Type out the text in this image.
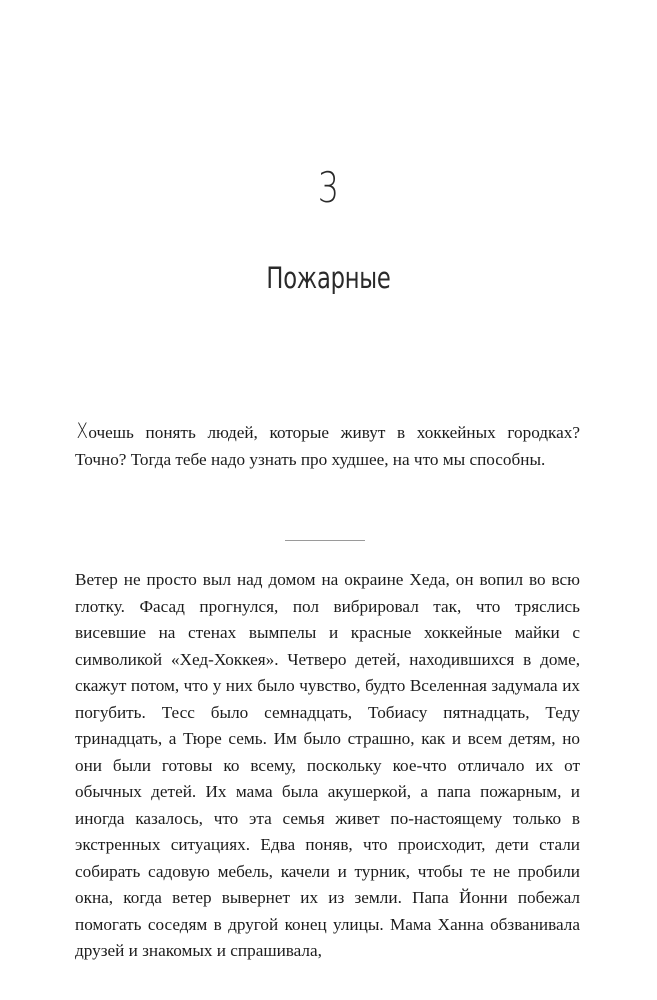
3
Пожарные

Хочешь понять людей, которые живут в хоккейных городках? Точно? Тогда тебе надо узнать про худшее, на что мы способны.

Ветер не просто выл над домом на окраине Хеда, он вопил во всю глотку. Фасад прогнулся, пол вибрировал так, что тряслись висевшие на стенах вымпелы и красные хоккейные майки с символикой «Хед-Хоккея». Четверо детей, находившихся в доме, скажут потом, что у них было чувство, будто Вселенная задумала их погубить. Тесс было семнадцать, Тобиасу пятнадцать, Теду тринадцать, а Тюре семь. Им было страшно, как и всем детям, но они были готовы ко всему, поскольку кое-что отличало их от обычных детей. Их мама была акушеркой, а папа пожарным, и иногда казалось, что эта семья живет по-настоящему только в экстренных ситуациях. Едва поняв, что происходит, дети стали собирать садовую мебель, качели и турник, чтобы те не пробили окна, когда ветер вывернет их из земли. Папа Йонни побежал помогать соседям в другой конец улицы. Мама Ханна обзванивала друзей и знакомых и спрашивала,
